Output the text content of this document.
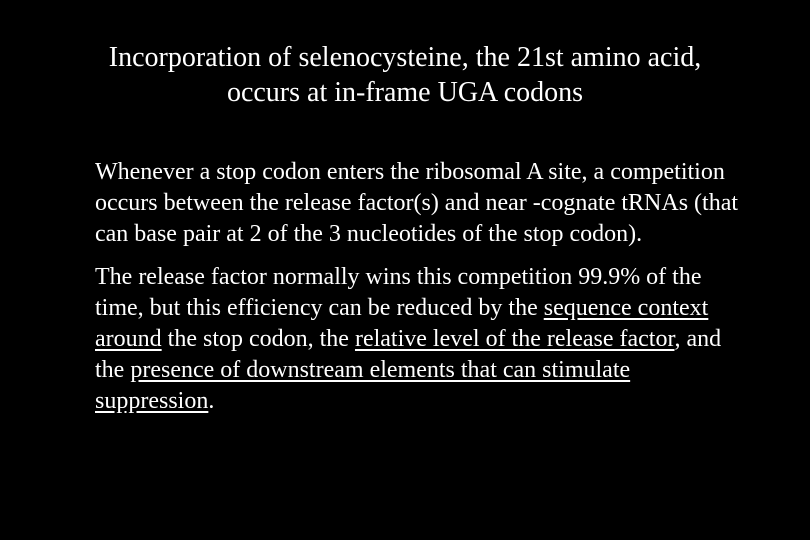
Incorporation of selenocysteine, the 21st amino acid,
occurs at in-frame UGA codons

Whenever a stop codon enters the ribosomal A site, a competition occurs between the release factor(s) and near -cognate tRNAs (that can base pair at 2 of the 3 nucleotides of the stop codon).

The release factor normally wins this competition 99.9% of the time, but this efficiency can be reduced by the sequence context around the stop codon, the relative level of the release factor, and the presence of downstream elements that can stimulate suppression.
